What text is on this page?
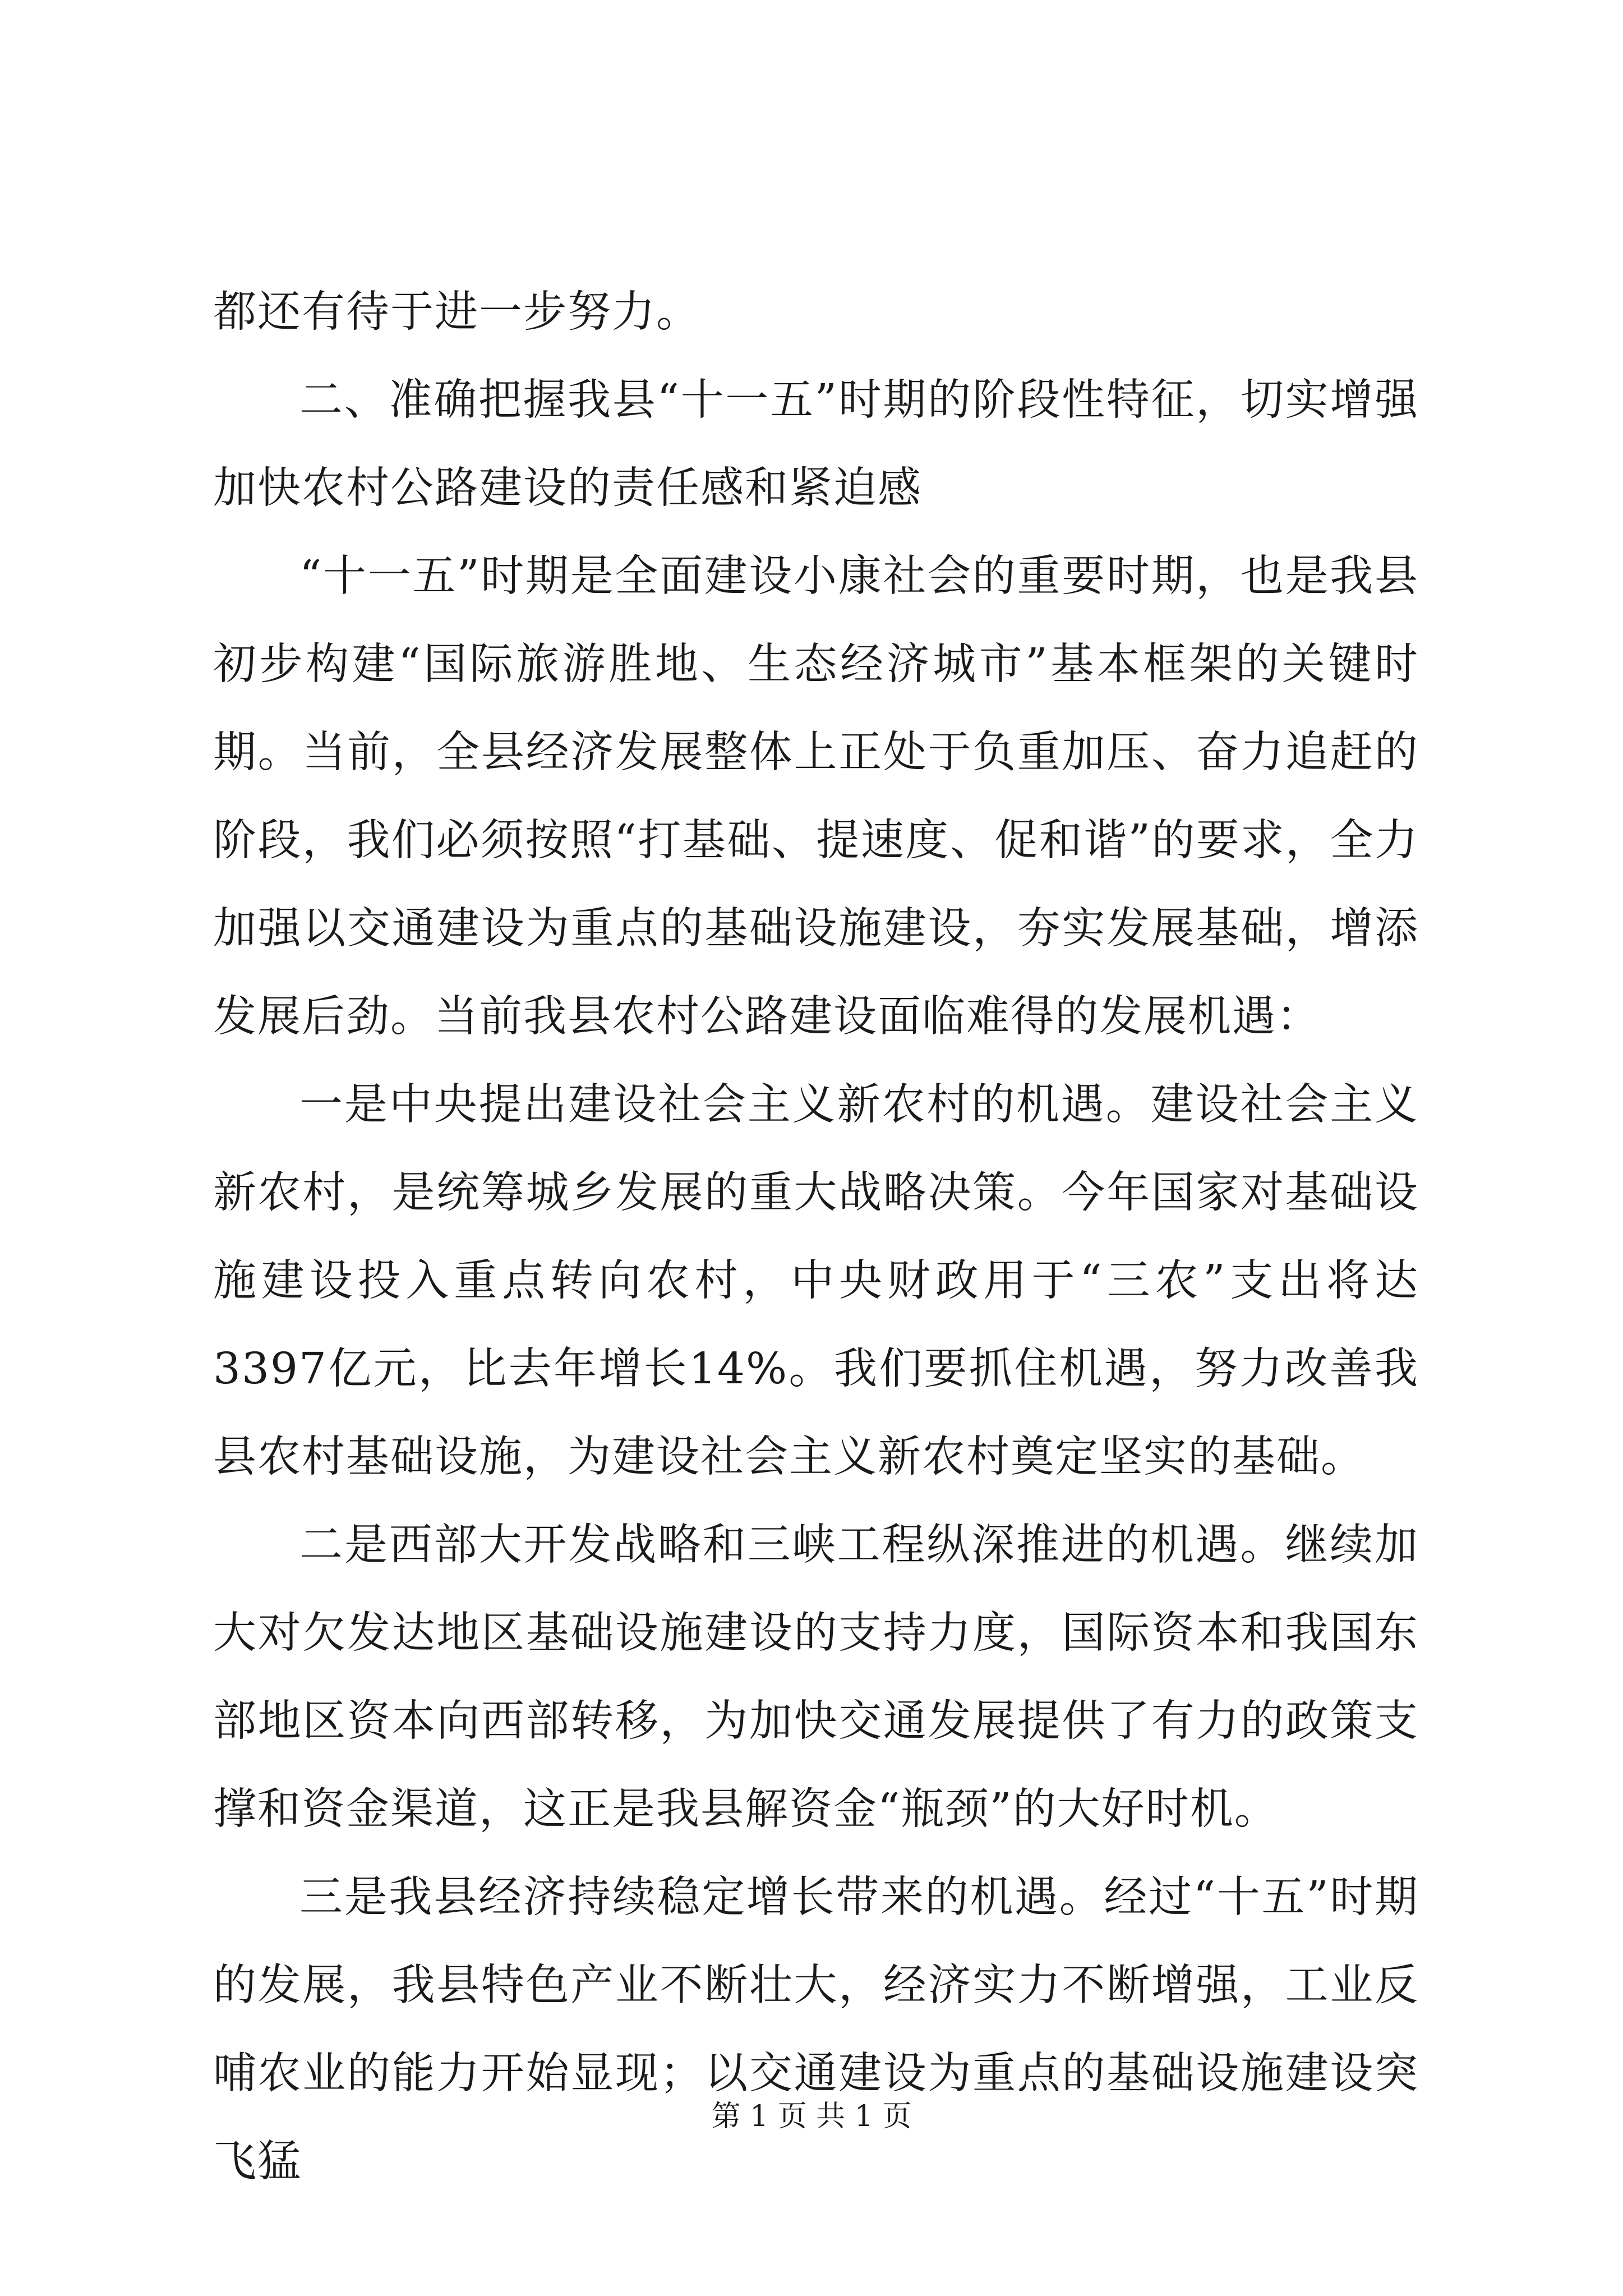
都还有待于进一步努力。

二、准确把握我县“十一五”时期的阶段性特征，切实增强加快农村公路建设的责任感和紧迫感

“十一五”时期是全面建设小康社会的重要时期，也是我县初步构建“国际旅游胜地、生态经济城市”基本框架的关键时期。当前，全县经济发展整体上正处于负重加压、奋力追赶的阶段，我们必须按照“打基础、提速度、促和谐”的要求，全力加强以交通建设为重点的基础设施建设，夯实发展基础，增添发展后劲。当前我县农村公路建设面临难得的发展机遇：

一是中央提出建设社会主义新农村的机遇。建设社会主义新农村，是统筹城乡发展的重大战略决策。今年国家对基础设施建设投入重点转向农村，中央财政用于“三农”支出将达3397亿元，比去年增长14%。我们要抓住机遇，努力改善我县农村基础设施，为建设社会主义新农村奠定坚实的基础。

二是西部大开发战略和三峡工程纵深推进的机遇。继续加大对欠发达地区基础设施建设的支持力度，国际资本和我国东部地区资本向西部转移，为加快交通发展提供了有力的政策支撑和资金渠道，这正是我县解资金“瓶颈”的大好时机。

三是我县经济持续稳定增长带来的机遇。经过“十五”时期的发展，我县特色产业不断壮大，经济实力不断增强，工业反哺农业的能力开始显现；以交通建设为重点的基础设施建设突飞猛

第 1 页 共 1 页
